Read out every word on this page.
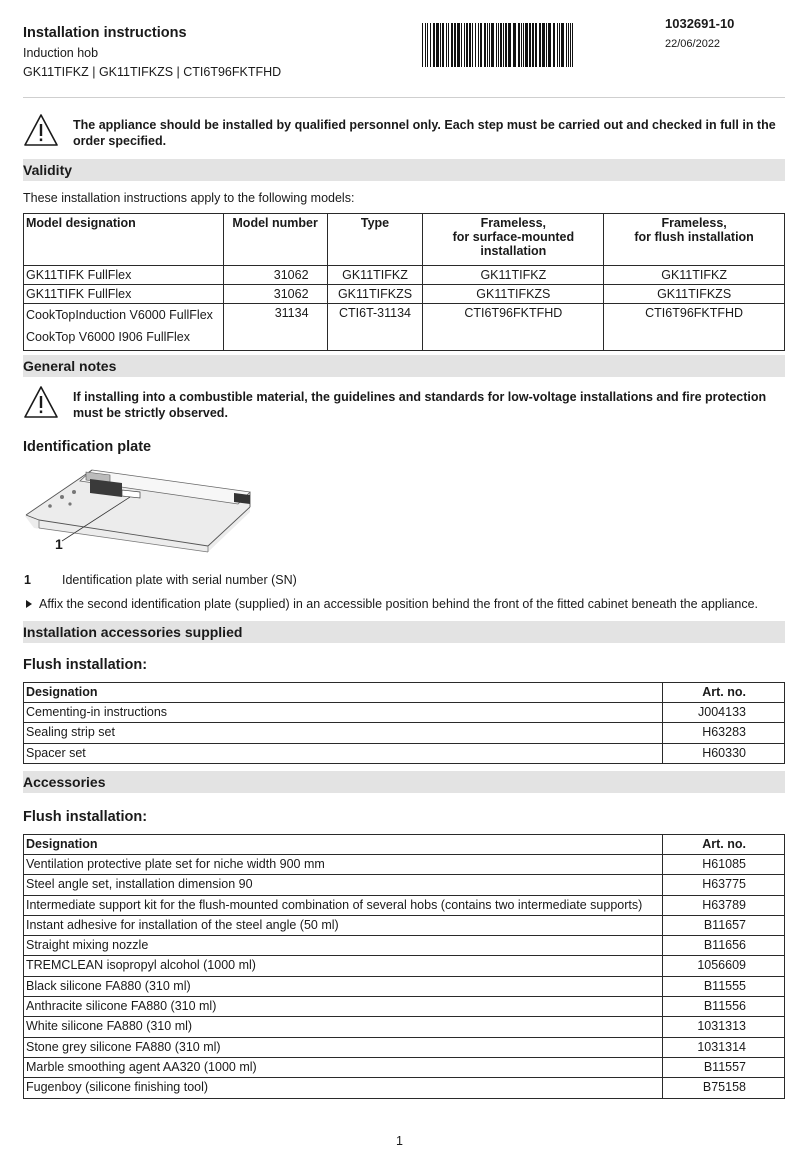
Installation instructions
Induction hob
GK11TIFKZ | GK11TIFKZS | CTI6T96FKTFHD
1032691-10
22/06/2022
The appliance should be installed by qualified personnel only. Each step must be carried out and checked in full in the order specified.
Validity
These installation instructions apply to the following models:
Model designation	Model number	Type	Frameless,
for surface-mounted
installation	Frameless,
for flush installation
GK11TIFK FullFlex	31062	GK11TIFKZ	GK11TIFKZ	GK11TIFKZ
GK11TIFK FullFlex	31062	GK11TIFKZS	GK11TIFKZS	GK11TIFKZS

CookTopInduction V6000 FullFlex
CookTop V6000 I906 FullFlex	31134	CTI6T-31134	CTI6T96FKTFHD	CTI6T96FKTFHD
General notes
If installing into a combustible material, the guidelines and standards for low-voltage installations and fire protection must be strictly observed.
Identification plate
1
1 Identification plate with serial number (SN)
Affix the second identification plate (supplied) in an accessible position behind the front of the fitted cabinet beneath the appliance.
Installation accessories supplied
Flush installation:
Designation	Art. no.
Cementing-in instructions	J004133
Sealing strip set	H63283
Spacer set	H60330
Accessories
Flush installation:
Designation	Art. no.
Ventilation protective plate set for niche width 900 mm	H61085
Steel angle set, installation dimension 90	H63775
Intermediate support kit for the flush-mounted combination of several hobs (contains two intermediate supports)	H63789
Instant adhesive for installation of the steel angle (50 ml)	B11657
Straight mixing nozzle	B11656
TREMCLEAN isopropyl alcohol (1000 ml)	1056609
Black silicone FA880 (310 ml)	B11555
Anthracite silicone FA880 (310 ml)	B11556
White silicone FA880 (310 ml)	1031313
Stone grey silicone FA880 (310 ml)	1031314
Marble smoothing agent AA320 (1000 ml)	B11557
Fugenboy (silicone finishing tool)	B75158
1
